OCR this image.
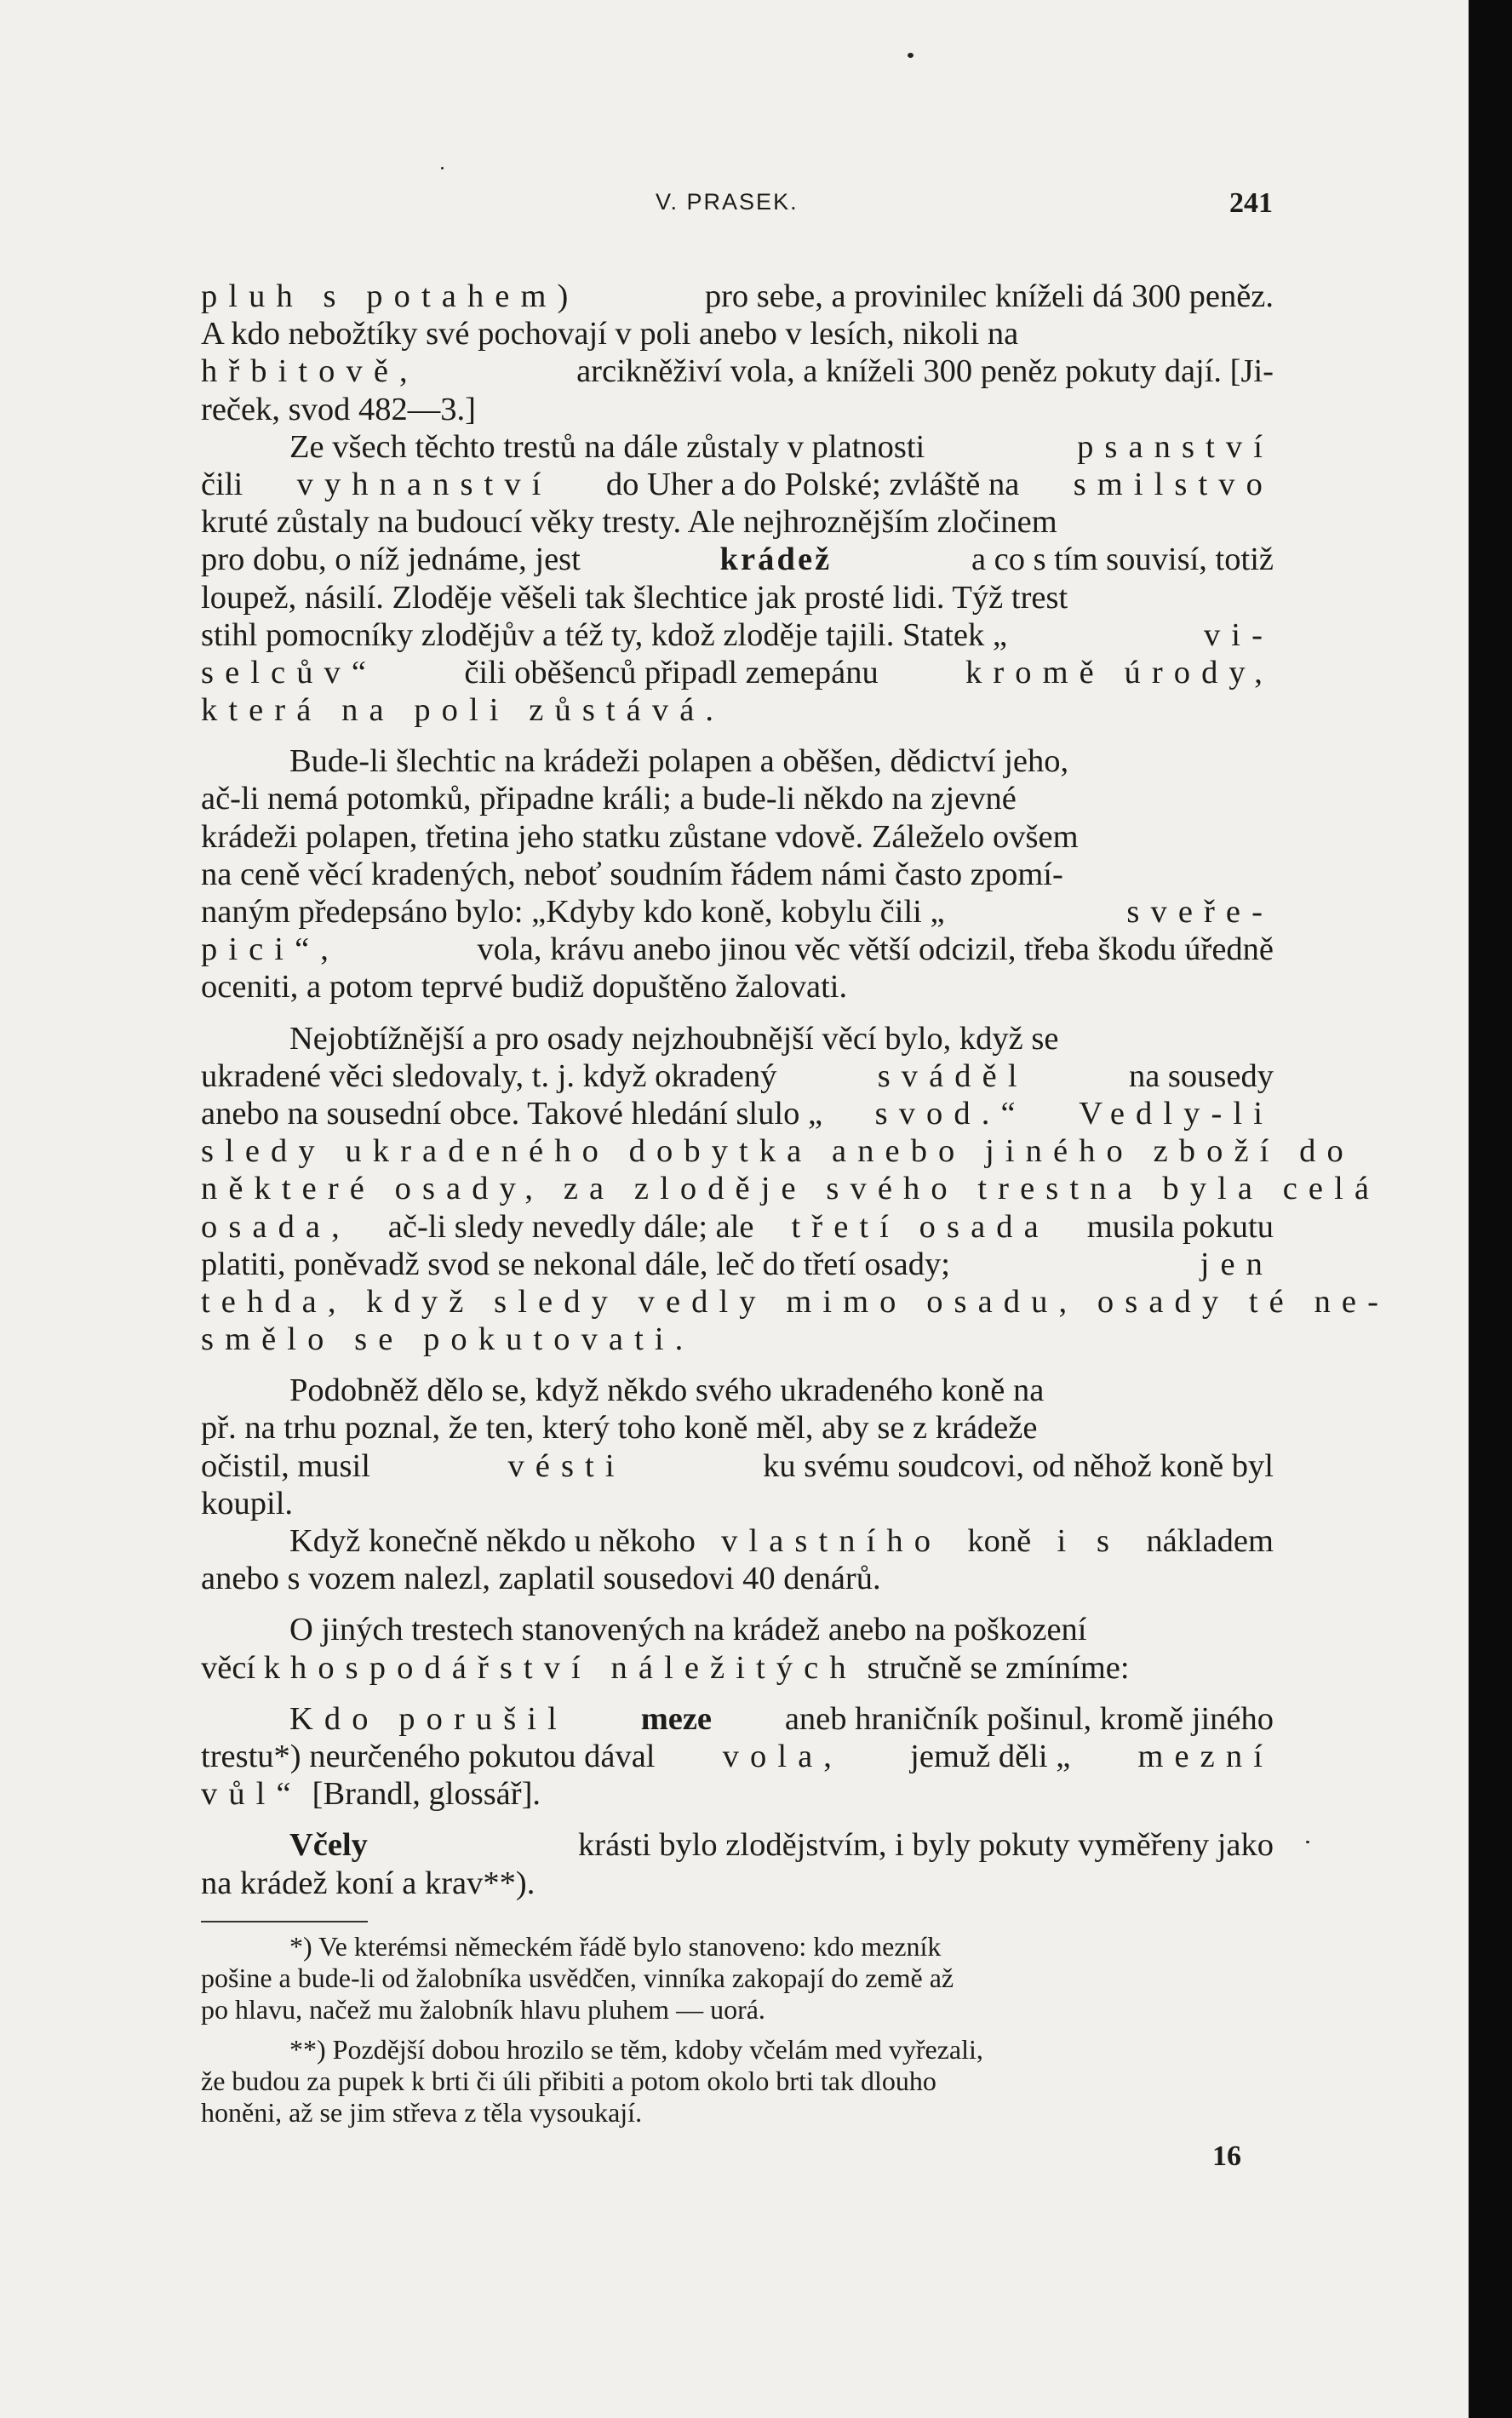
V. PRASEK.	241
pluh s potahem)	pro sebe, a provinilec kníželi dá 300 peněz.
A kdo nebožtíky své pochovají v poli anebo v lesích, nikoli na
hřbitově,	arcikněživí vola, a kníželi 300 peněz pokuty dají. [Ji-
reček, svod 482—3.]
Ze všech těchto trestů na dále zůstaly v platnosti	psanství
čili vyhnanství do Uher a do Polské; zvláště na smilstvo
kruté zůstaly na budoucí věky tresty. Ale nejhroznějším zločinem
pro dobu, o níž jednáme, jest	krádež	a co s tím souvisí, totiž
loupež, násilí. Zloděje věšeli tak šlechtice jak prosté lidi. Týž trest
stihl pomocníky zlodějův a též ty, kdož zloděje tajili. Statek „	vi-
selcův“	čili oběšenců připadl zemepánu	kromě úrody,
která na poli zůstává.
Bude-li šlechtic na krádeži polapen a oběšen, dědictví jeho,
ač-li nemá potomků, připadne králi; a bude-li někdo na zjevné
krádeži polapen, třetina jeho statku zůstane vdově. Záleželo ovšem
na ceně věcí kradených, neboť soudním řádem námi často zpomí-
naným předepsáno bylo: „Kdyby kdo koně, kobylu čili „	sveře-
pici“,	vola, krávu anebo jinou věc větší odcizil, třeba škodu úředně
oceniti, a potom teprvé budiž dopuštěno žalovati.
Nejobtížnější a pro osady nejzhoubnější věcí bylo, když se
ukradené věci sledovaly, t. j. když okradený	sváděl	na sousedy
anebo na sousední obce. Takové hledání slulo „ svod.“ Vedly-li
sledy ukradeného dobytka anebo jiného zboží do
některé osady, za zloděje svého trestna byla celá
osada, ač-li sledy nevedly dále; ale třetí osada musila pokutu
platiti, poněvadž svod se nekonal dále, leč do třetí osady;	jen
tehda, když sledy vedly mimo osadu, osady té ne-
smělo se pokutovati.
Podobněž dělo se, když někdo svého ukradeného koně na
př. na trhu poznal, že ten, který toho koně měl, aby se z krádeže
očistil, musil	vésti	ku svému soudcovi, od něhož koně byl
koupil.
Když konečně někdo u někoho vlastního koně i s nákladem
anebo s vozem nalezl, zaplatil sousedovi 40 denárů.
O jiných trestech stanovených na krádež anebo na poškození
věcí k hospodářství náležitých stručně se zmíníme:
Kdo porušil meze aneb hraničník pošinul, kromě jiného
trestu*) neurčeného pokutou dával vola, jemuž děli „ mezní
vůl“ [Brandl, glossář].
Včely	krásti bylo zlodějstvím, i byly pokuty vyměřeny jako
na krádež koní a krav**).
*) Ve kterémsi německém řádě bylo stanoveno: kdo mezník
pošine a bude-li od žalobníka usvědčen, vinníka zakopají do země až
po hlavu, načež mu žalobník hlavu pluhem — uorá.
**) Pozdější dobou hrozilo se těm, kdoby včelám med vyřezali,
že budou za pupek k brti či úli přibiti a potom okolo brti tak dlouho
honěni, až se jim střeva z těla vysoukají.
16
